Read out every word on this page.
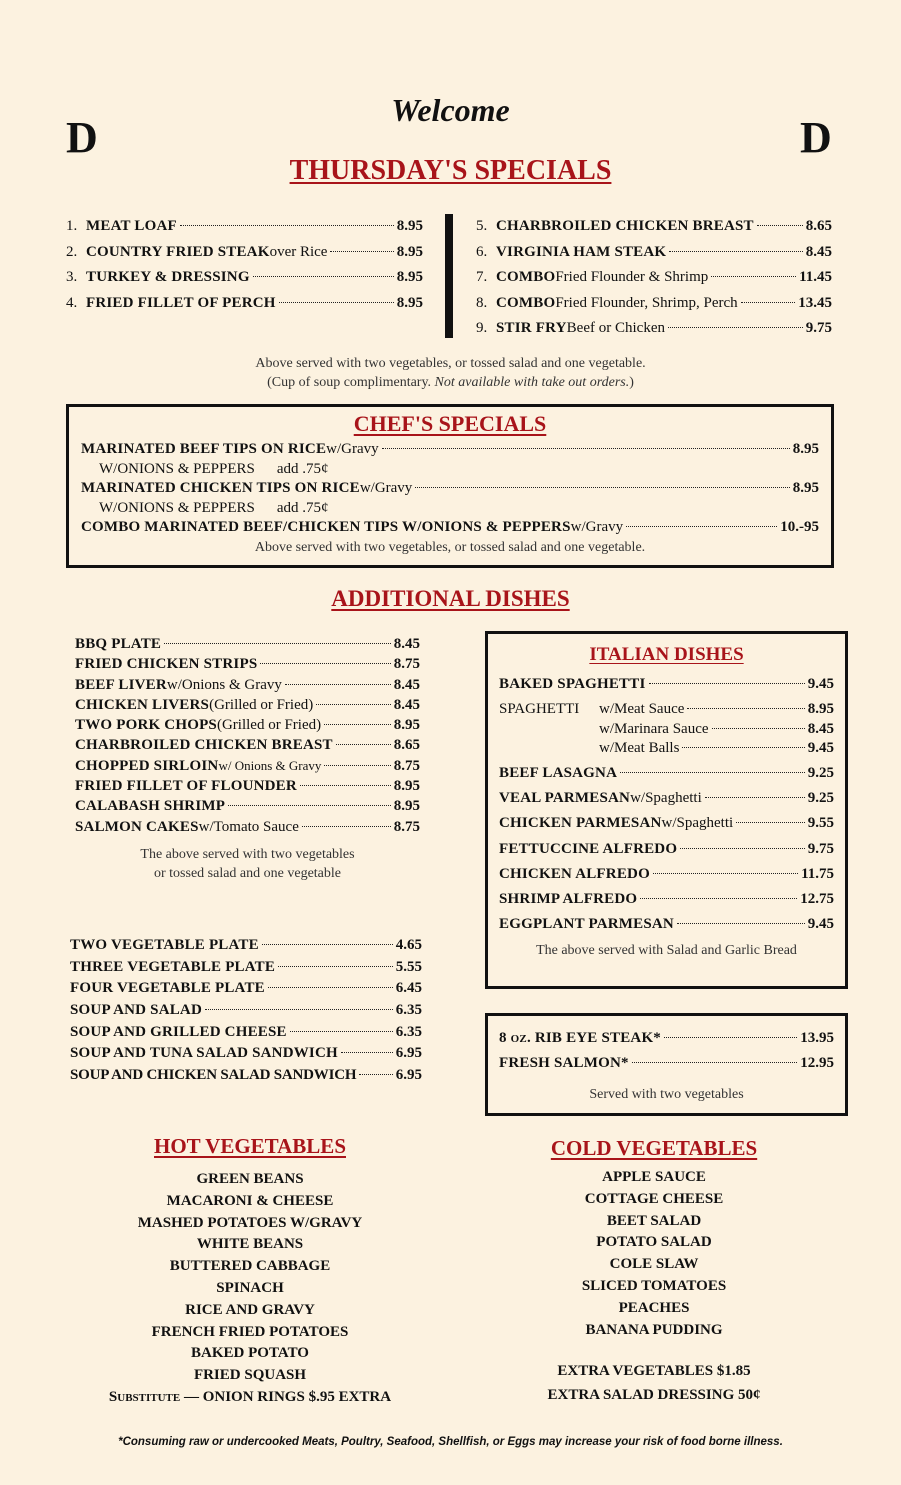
Welcome
D	D
THURSDAY'S SPECIALS
1. MEAT LOAF	8.95
2. COUNTRY FRIED STEAK over Rice	8.95
3. TURKEY & DRESSING	8.95
4. FRIED FILLET OF PERCH	8.95
5. CHARBROILED CHICKEN BREAST	8.65
6. VIRGINIA HAM STEAK	8.45
7. COMBO Fried Flounder & Shrimp	11.45
8. COMBO Fried Flounder, Shrimp, Perch	13.45
9. STIR FRY Beef or Chicken	9.75
Above served with two vegetables, or tossed salad and one vegetable.
(Cup of soup complimentary. Not available with take out orders.)
CHEF'S SPECIALS
MARINATED BEEF TIPS ON RICE w/Gravy	8.95
W/ONIONS & PEPPERS add .75¢
MARINATED CHICKEN TIPS ON RICE w/Gravy	8.95
W/ONIONS & PEPPERS add .75¢
COMBO MARINATED BEEF/CHICKEN TIPS W/ONIONS & PEPPERS w/Gravy	10.-95
Above served with two vegetables, or tossed salad and one vegetable.
ADDITIONAL DISHES
BBQ PLATE	8.45
FRIED CHICKEN STRIPS	8.75
BEEF LIVER w/Onions & Gravy	8.45
CHICKEN LIVERS (Grilled or Fried)	8.45
TWO PORK CHOPS (Grilled or Fried)	8.95
CHARBROILED CHICKEN BREAST	8.65
CHOPPED SIRLOIN w/ Onions & Gravy	8.75
FRIED FILLET OF FLOUNDER	8.95
CALABASH SHRIMP	8.95
SALMON CAKES w/Tomato Sauce	8.75
The above served with two vegetables
or tossed salad and one vegetable
TWO VEGETABLE PLATE	4.65
THREE VEGETABLE PLATE	5.55
FOUR VEGETABLE PLATE	6.45
SOUP AND SALAD	6.35
SOUP AND GRILLED CHEESE	6.35
SOUP AND TUNA SALAD SANDWICH	6.95
SOUP AND CHICKEN SALAD SANDWICH	6.95
ITALIAN DISHES
BAKED SPAGHETTI	9.45
SPAGHETTI w/Meat Sauce	8.95
w/Marinara Sauce	8.45
w/Meat Balls	9.45
BEEF LASAGNA	9.25
VEAL PARMESAN w/Spaghetti	9.25
CHICKEN PARMESAN w/Spaghetti	9.55
FETTUCCINE ALFREDO	9.75
CHICKEN ALFREDO	11.75
SHRIMP ALFREDO	12.75
EGGPLANT PARMESAN	9.45
The above served with Salad and Garlic Bread
8 oz. RIB EYE STEAK*	13.95
FRESH SALMON*	12.95
Served with two vegetables
HOT VEGETABLES
GREEN BEANS
MACARONI & CHEESE
MASHED POTATOES W/GRAVY
WHITE BEANS
BUTTERED CABBAGE
SPINACH
RICE AND GRAVY
FRENCH FRIED POTATOES
BAKED POTATO
FRIED SQUASH
Substitute — ONION RINGS $.95 EXTRA
COLD VEGETABLES
APPLE SAUCE
COTTAGE CHEESE
BEET SALAD
POTATO SALAD
COLE SLAW
SLICED TOMATOES
PEACHES
BANANA PUDDING
EXTRA VEGETABLES $1.85
EXTRA SALAD DRESSING 50¢
*Consuming raw or undercooked Meats, Poultry, Seafood, Shellfish, or Eggs may increase your risk of food borne illness.
